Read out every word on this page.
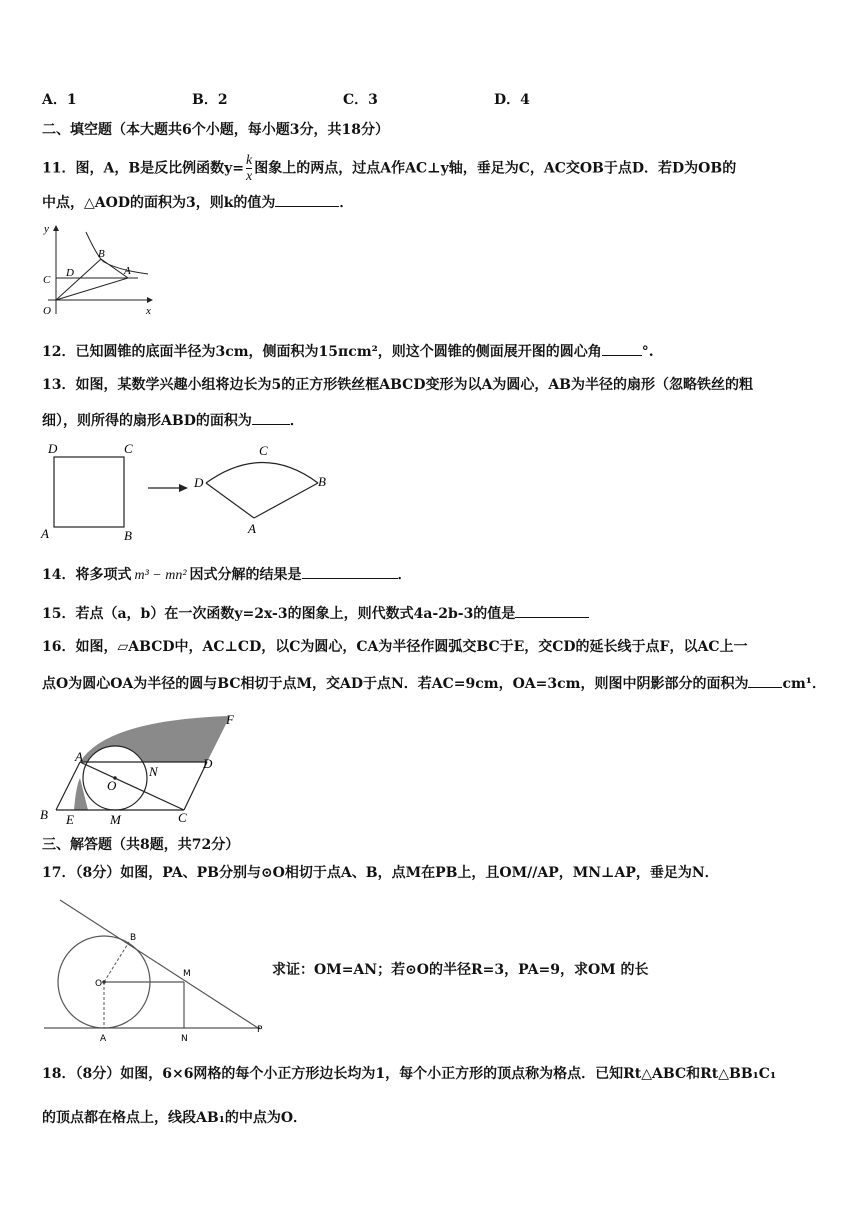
A．1	B．2	C．3	D．4
二、填空题（本大题共6个小题，每小题3分，共18分）
11．图，A，B是反比例函数$y= \frac{k}{x}$ 图象上的两点，过点A作AC⊥y轴，垂足为C，AC交OB于点D．若D为OB的
中点，△AOD的面积为3，则k的值为	．
y
x
O
C
D
B
A
12．已知圆锥的底面半径为3cm，侧面积为15πcm²，则这个圆锥的侧面展开图的圆心角	°.
13．如图，某数学兴趣小组将边长为5的正方形铁丝框ABCD变形为以A为圆心，AB为半径的扇形（忽略铁丝的粗
细），则所得的扇形ABD的面积为	．
D	C
A	B
D
C
B
A
14．将多项式 m³ − mn² 因式分解的结果是	．
15．若点（a，b）在一次函数y=2x-3的图象上，则代数式4a-2b-3的值是
16．如图，▱ABCD中，AC⊥CD，以C为圆心，CA为半径作圆弧交BC于E，交CD的延长线于点F，以AC上一
点O为圆心OA为半径的圆与BC相切于点M，交AD于点N．若AC=9cm，OA=3cm，则图中阴影部分的面积为 cm¹．
A	D
F
N
O
B E	M	C
三、解答题（共8题，共72分）
17．（8分）如图，PA、PB分别与⊙O相切于点A、B，点M在PB上，且OM//AP，MN⊥AP，垂足为N．
B
O
M
A	N
P
求证：OM=AN；若⊙O的半径R=3，PA=9，求OM 的长
18．（8分）如图，6×6网格的每个小正方形边长均为1，每个小正方形的顶点称为格点．已知Rt△ABC和Rt△BB₁C₁
的顶点都在格点上，线段AB₁的中点为O．
